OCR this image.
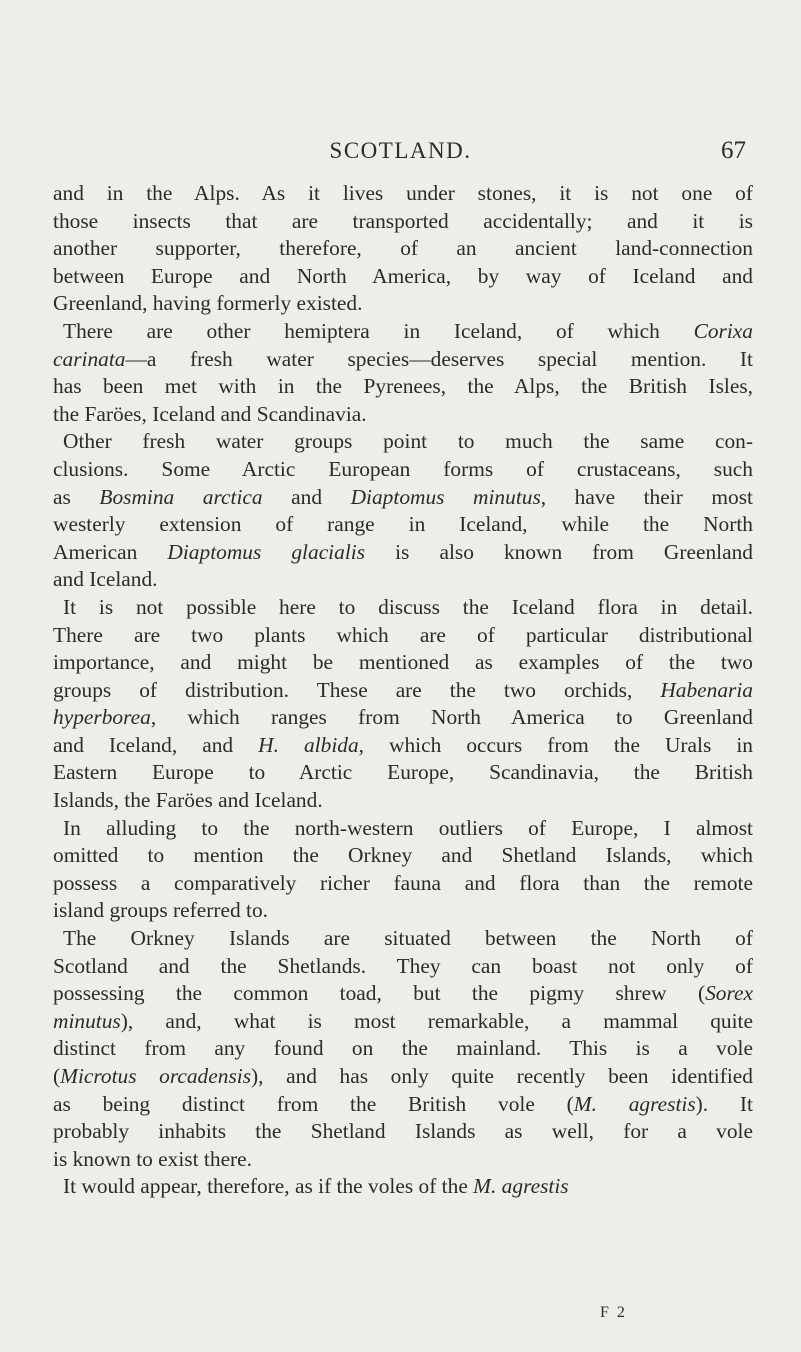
SCOTLAND.	67
and in the Alps. As it lives under stones, it is not one of
those insects that are transported accidentally; and it is
another supporter, therefore, of an ancient land-connection
between Europe and North America, by way of Iceland and
Greenland, having formerly existed.
There are other hemiptera in Iceland, of which Corixa
carinata—a fresh water species—deserves special mention. It
has been met with in the Pyrenees, the Alps, the British Isles,
the Faröes, Iceland and Scandinavia.
Other fresh water groups point to much the same con-
clusions. Some Arctic European forms of crustaceans, such
as Bosmina arctica and Diaptomus minutus, have their most
westerly extension of range in Iceland, while the North
American Diaptomus glacialis is also known from Greenland
and Iceland.
It is not possible here to discuss the Iceland flora in detail.
There are two plants which are of particular distributional
importance, and might be mentioned as examples of the two
groups of distribution. These are the two orchids, Habenaria
hyperborea, which ranges from North America to Greenland
and Iceland, and H. albida, which occurs from the Urals in
Eastern Europe to Arctic Europe, Scandinavia, the British
Islands, the Faröes and Iceland.
In alluding to the north-western outliers of Europe, I almost
omitted to mention the Orkney and Shetland Islands, which
possess a comparatively richer fauna and flora than the remote
island groups referred to.
The Orkney Islands are situated between the North of
Scotland and the Shetlands. They can boast not only of
possessing the common toad, but the pigmy shrew (Sorex
minutus), and, what is most remarkable, a mammal quite
distinct from any found on the mainland. This is a vole
(Microtus orcadensis), and has only quite recently been identified
as being distinct from the British vole (M. agrestis). It
probably inhabits the Shetland Islands as well, for a vole
is known to exist there.
It would appear, therefore, as if the voles of the M. agrestis
F 2
